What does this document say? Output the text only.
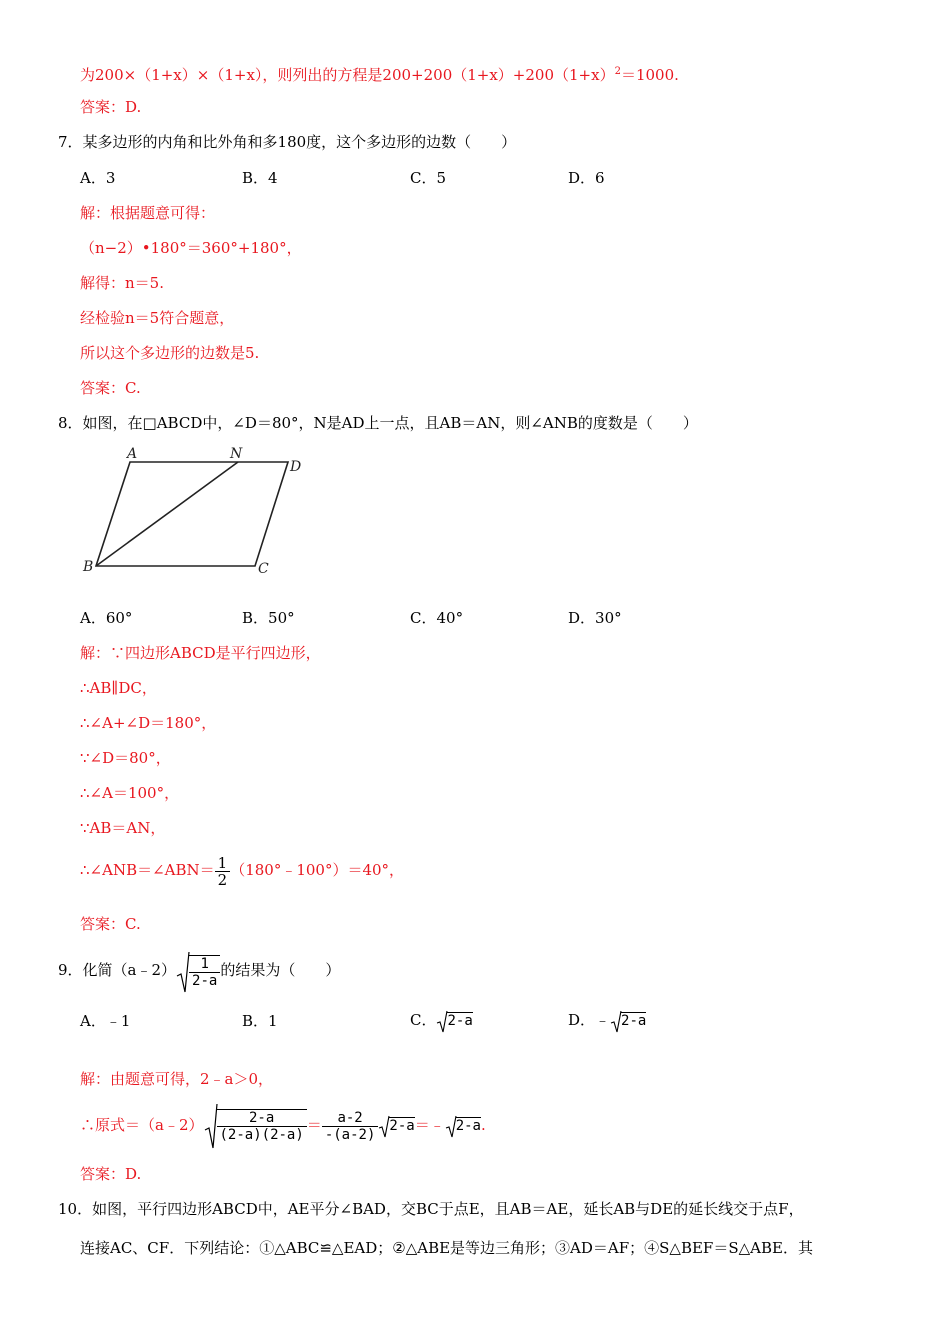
为200×（1+x）×（1+x），则列出的方程是$200+200(1+x)+200(1+x)^2=1000$.
答案：D.
7．某多边形的内角和比外角和多180度，这个多边形的边数（　　）
A．3	B．4	C．5	D．6
解：根据题意可得：
（n−2）•180°＝360°+180°，
解得：n＝5.
经检验n＝5符合题意，
所以这个多边形的边数是5.
答案：C.
8．如图，在□ABCD中，∠D＝80°，N是AD上一点，且AB＝AN，则∠ANB的度数是（　　）
A	N
D
B	C
A．60°	B．50°	C．40°	D．30°
解：∵四边形ABCD是平行四边形，
∴AB∥DC，
∴∠A+∠D＝180°，
∵∠D＝80°，
∴∠A＝100°，
∵AB＝AN，
∴∠ANB＝∠ABN＝ $\frac{1}{2}$ （180°﹣100°）＝40°，
答案：C.
9．化简（a﹣2） $\frac{1}{2-a}$ 的结果为（　　）
A．﹣1	B．1	C． 2-a	D．﹣ 2-a
解：由题意可得，2﹣a＞0，
∴原式＝（a﹣2） $\frac{2-a}{(2-a)(2-a)} = \frac{a-2}{-(a-2)}$ 2-a＝﹣ 2-a.
答案：D.
10．如图，平行四边形ABCD中，AE平分∠BAD，交BC于点E，且AB＝AE，延长AB与DE的延长线交于点F，
连接AC、CF．下列结论：①△ABC≌△EAD；②△ABE是等边三角形；③AD＝AF；④S△BEF＝S△ABE．其
